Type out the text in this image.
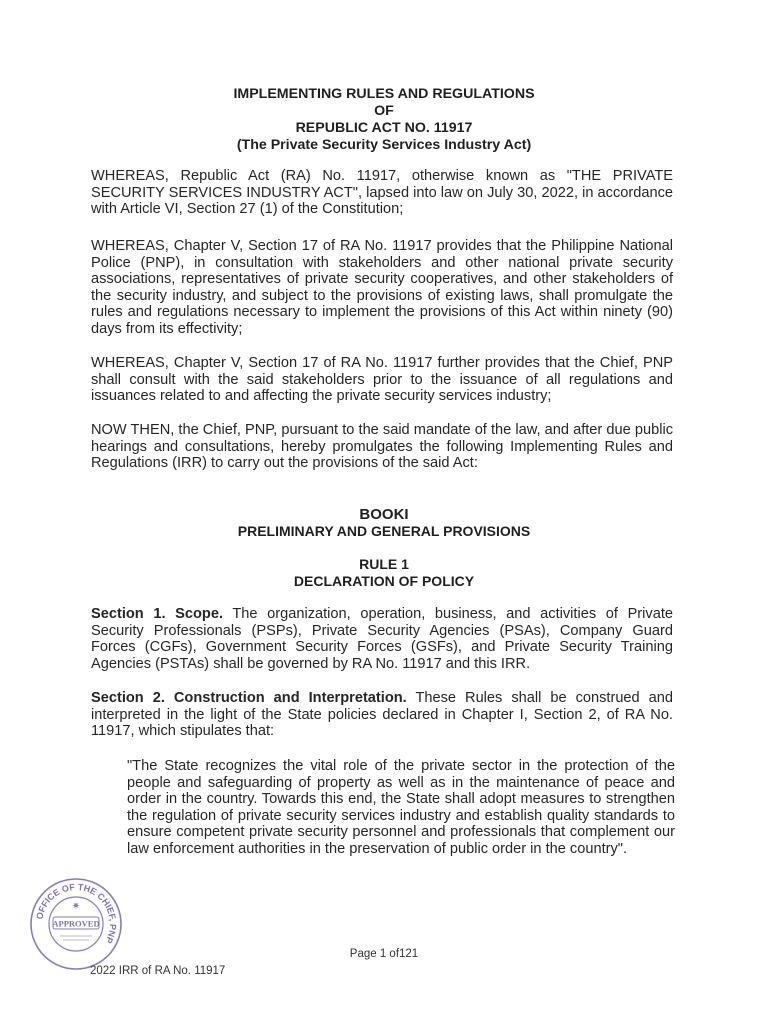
IMPLEMENTING RULES AND REGULATIONS
OF
REPUBLIC ACT NO. 11917
(The Private Security Services Industry Act)

WHEREAS, Republic Act (RA) No. 11917, otherwise known as "THE PRIVATE SECURITY SERVICES INDUSTRY ACT", lapsed into law on July 30, 2022, in accordance with Article VI, Section 27 (1) of the Constitution;

WHEREAS, Chapter V, Section 17 of RA No. 11917 provides that the Philippine National Police (PNP), in consultation with stakeholders and other national private security associations, representatives of private security cooperatives, and other stakeholders of the security industry, and subject to the provisions of existing laws, shall promulgate the rules and regulations necessary to implement the provisions of this Act within ninety (90) days from its effectivity;

WHEREAS, Chapter V, Section 17 of RA No. 11917 further provides that the Chief, PNP shall consult with the said stakeholders prior to the issuance of all regulations and issuances related to and affecting the private security services industry;

NOW THEN, the Chief, PNP, pursuant to the said mandate of the law, and after due public hearings and consultations, hereby promulgates the following Implementing Rules and Regulations (IRR) to carry out the provisions of the said Act:

BOOKI
PRELIMINARY AND GENERAL PROVISIONS
RULE 1
DECLARATION OF POLICY

Section 1. Scope. The organization, operation, business, and activities of Private Security Professionals (PSPs), Private Security Agencies (PSAs), Company Guard Forces (CGFs), Government Security Forces (GSFs), and Private Security Training Agencies (PSTAs) shall be governed by RA No. 11917 and this IRR.

Section 2. Construction and Interpretation. These Rules shall be construed and interpreted in the light of the State policies declared in Chapter I, Section 2, of RA No. 11917, which stipulates that:

"The State recognizes the vital role of the private sector in the protection of the people and safeguarding of property as well as in the maintenance of peace and order in the country. Towards this end, the State shall adopt measures to strengthen the regulation of private security services industry and establish quality standards to ensure competent private security personnel and professionals that complement our law enforcement authorities in the preservation of public order in the country".

OFFICE OF THE CHIEF, PNP
✷
APPROVED
Page 1 of121
2022 IRR of RA No. 11917
